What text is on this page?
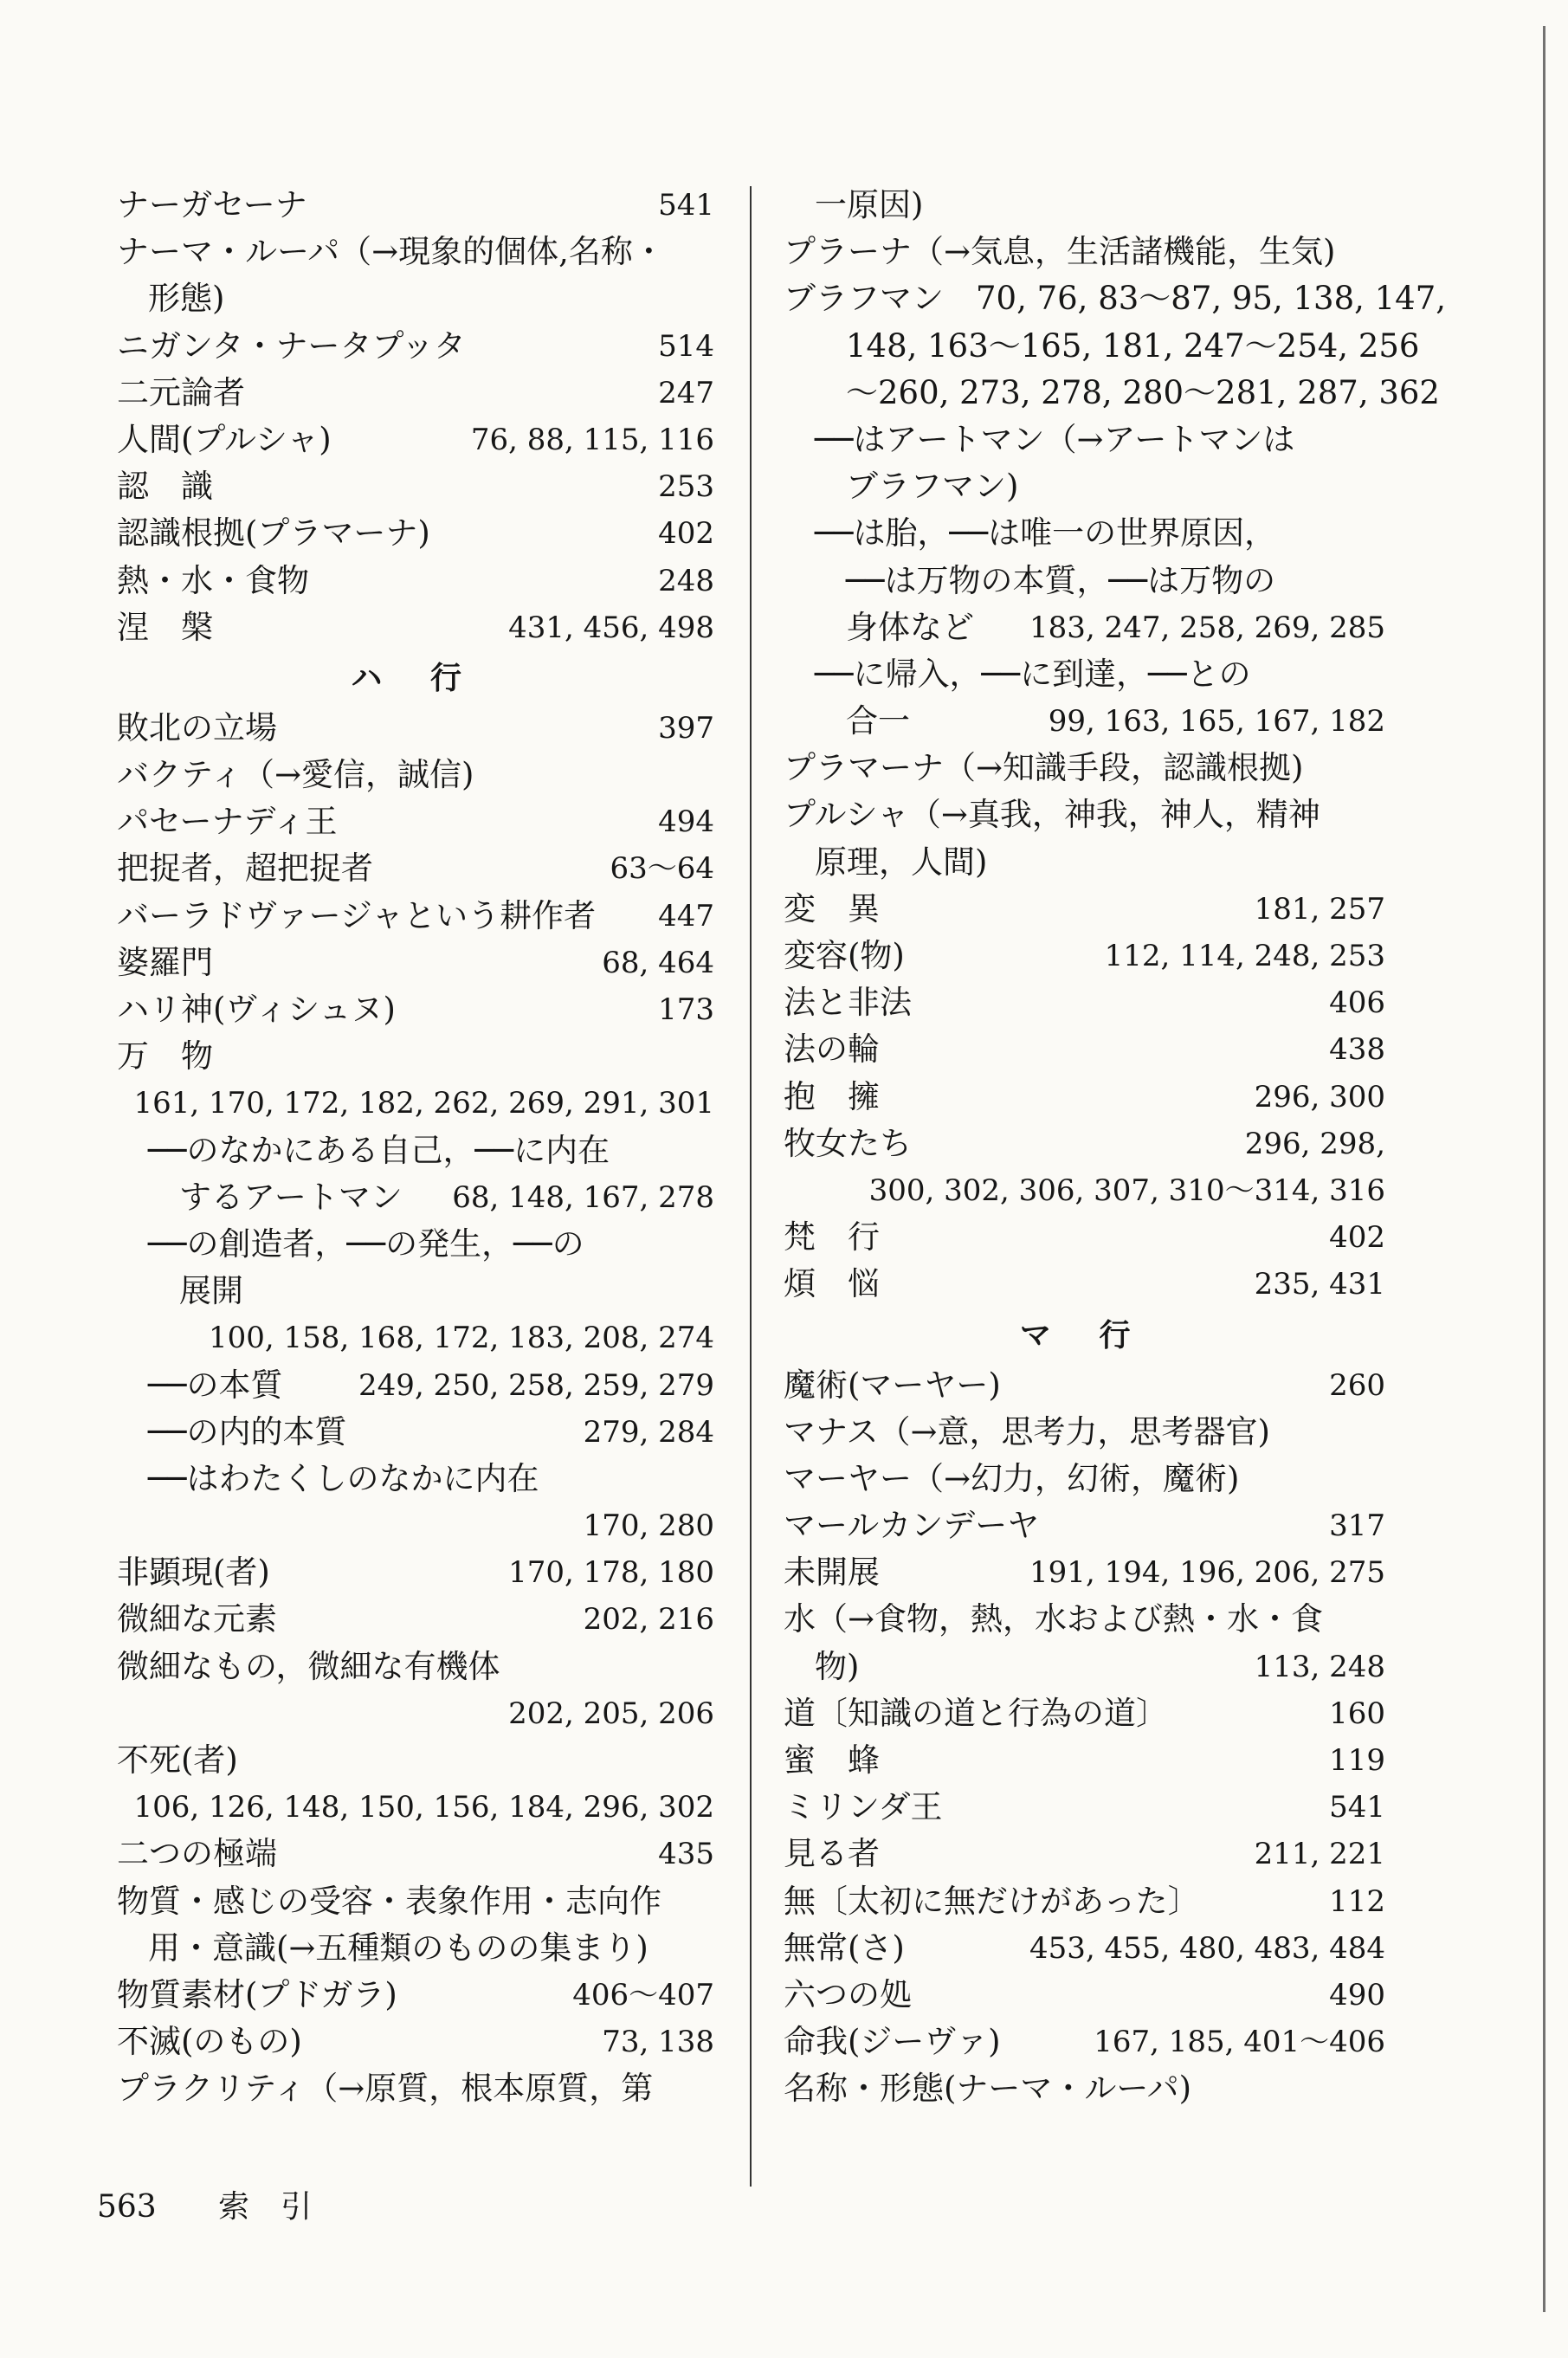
ナーガセーナ	541
ナーマ・ルーパ（→現象的個体,名称・
形態)
ニガンタ・ナータプッタ	514
二元論者	247
人間(プルシャ)	76, 88, 115, 116
認　識	253
認識根拠(プラマーナ)	402
熱・水・食物	248
涅　槃	431, 456, 498
ハ 行
敗北の立場	397
バクティ（→愛信，誠信)
パセーナディ王	494
把捉者，超把捉者	63〜64
バーラドヴァージャという耕作者 447
婆羅門	68, 464
ハリ神(ヴィシュヌ)	173
万　物
161, 170, 172, 182, 262, 269, 291, 301
──のなかにある自己，──に内在
するアートマン 68, 148, 167, 278
──の創造者，──の発生，──の
展開
100, 158, 168, 172, 183, 208, 274
──の本質	249, 250, 258, 259, 279
──の内的本質	279, 284
──はわたくしのなかに内在
170, 280
非顕現(者)	170, 178, 180
微細な元素	202, 216
微細なもの，微細な有機体
202, 205, 206
不死(者)
106, 126, 148, 150, 156, 184, 296, 302
二つの極端	435
物質・感じの受容・表象作用・志向作
用・意識(→五種類のものの集まり)
物質素材(プドガラ)	406〜407
不滅(のもの)	73, 138
プラクリティ（→原質，根本原質，第
一原因)
プラーナ（→気息，生活諸機能，生気)
ブラフマン　70, 76, 83〜87, 95, 138, 147,
148, 163〜165, 181, 247〜254, 256
〜260, 273, 278, 280〜281, 287, 362
──はアートマン（→アートマンは
ブラフマン)
──は胎，──は唯一の世界原因，
──は万物の本質，──は万物の
身体など 183, 247, 258, 269, 285
──に帰入，──に到達，──との
合一	99, 163, 165, 167, 182
プラマーナ（→知識手段，認識根拠)
プルシャ（→真我，神我，神人，精神
原理，人間)
変　異	181, 257
変容(物)	112, 114, 248, 253
法と非法	406
法の輪	438
抱　擁	296, 300
牧女たち	296, 298,
300, 302, 306, 307, 310〜314, 316
梵　行	402
煩　悩	235, 431
マ 行
魔術(マーヤー)	260
マナス（→意，思考力，思考器官)
マーヤー（→幻力，幻術，魔術)
マールカンデーヤ	317
未開展	191, 194, 196, 206, 275
水（→食物，熱，水および熱・水・食
物)	113, 248
道〔知識の道と行為の道〕	160
蜜　蜂	119
ミリンダ王	541
見る者	211, 221
無〔太初に無だけがあった〕	112
無常(さ)	453, 455, 480, 483, 484
六つの処	490
命我(ジーヴァ)	167, 185, 401〜406
名称・形態(ナーマ・ルーパ)
563 索　引
